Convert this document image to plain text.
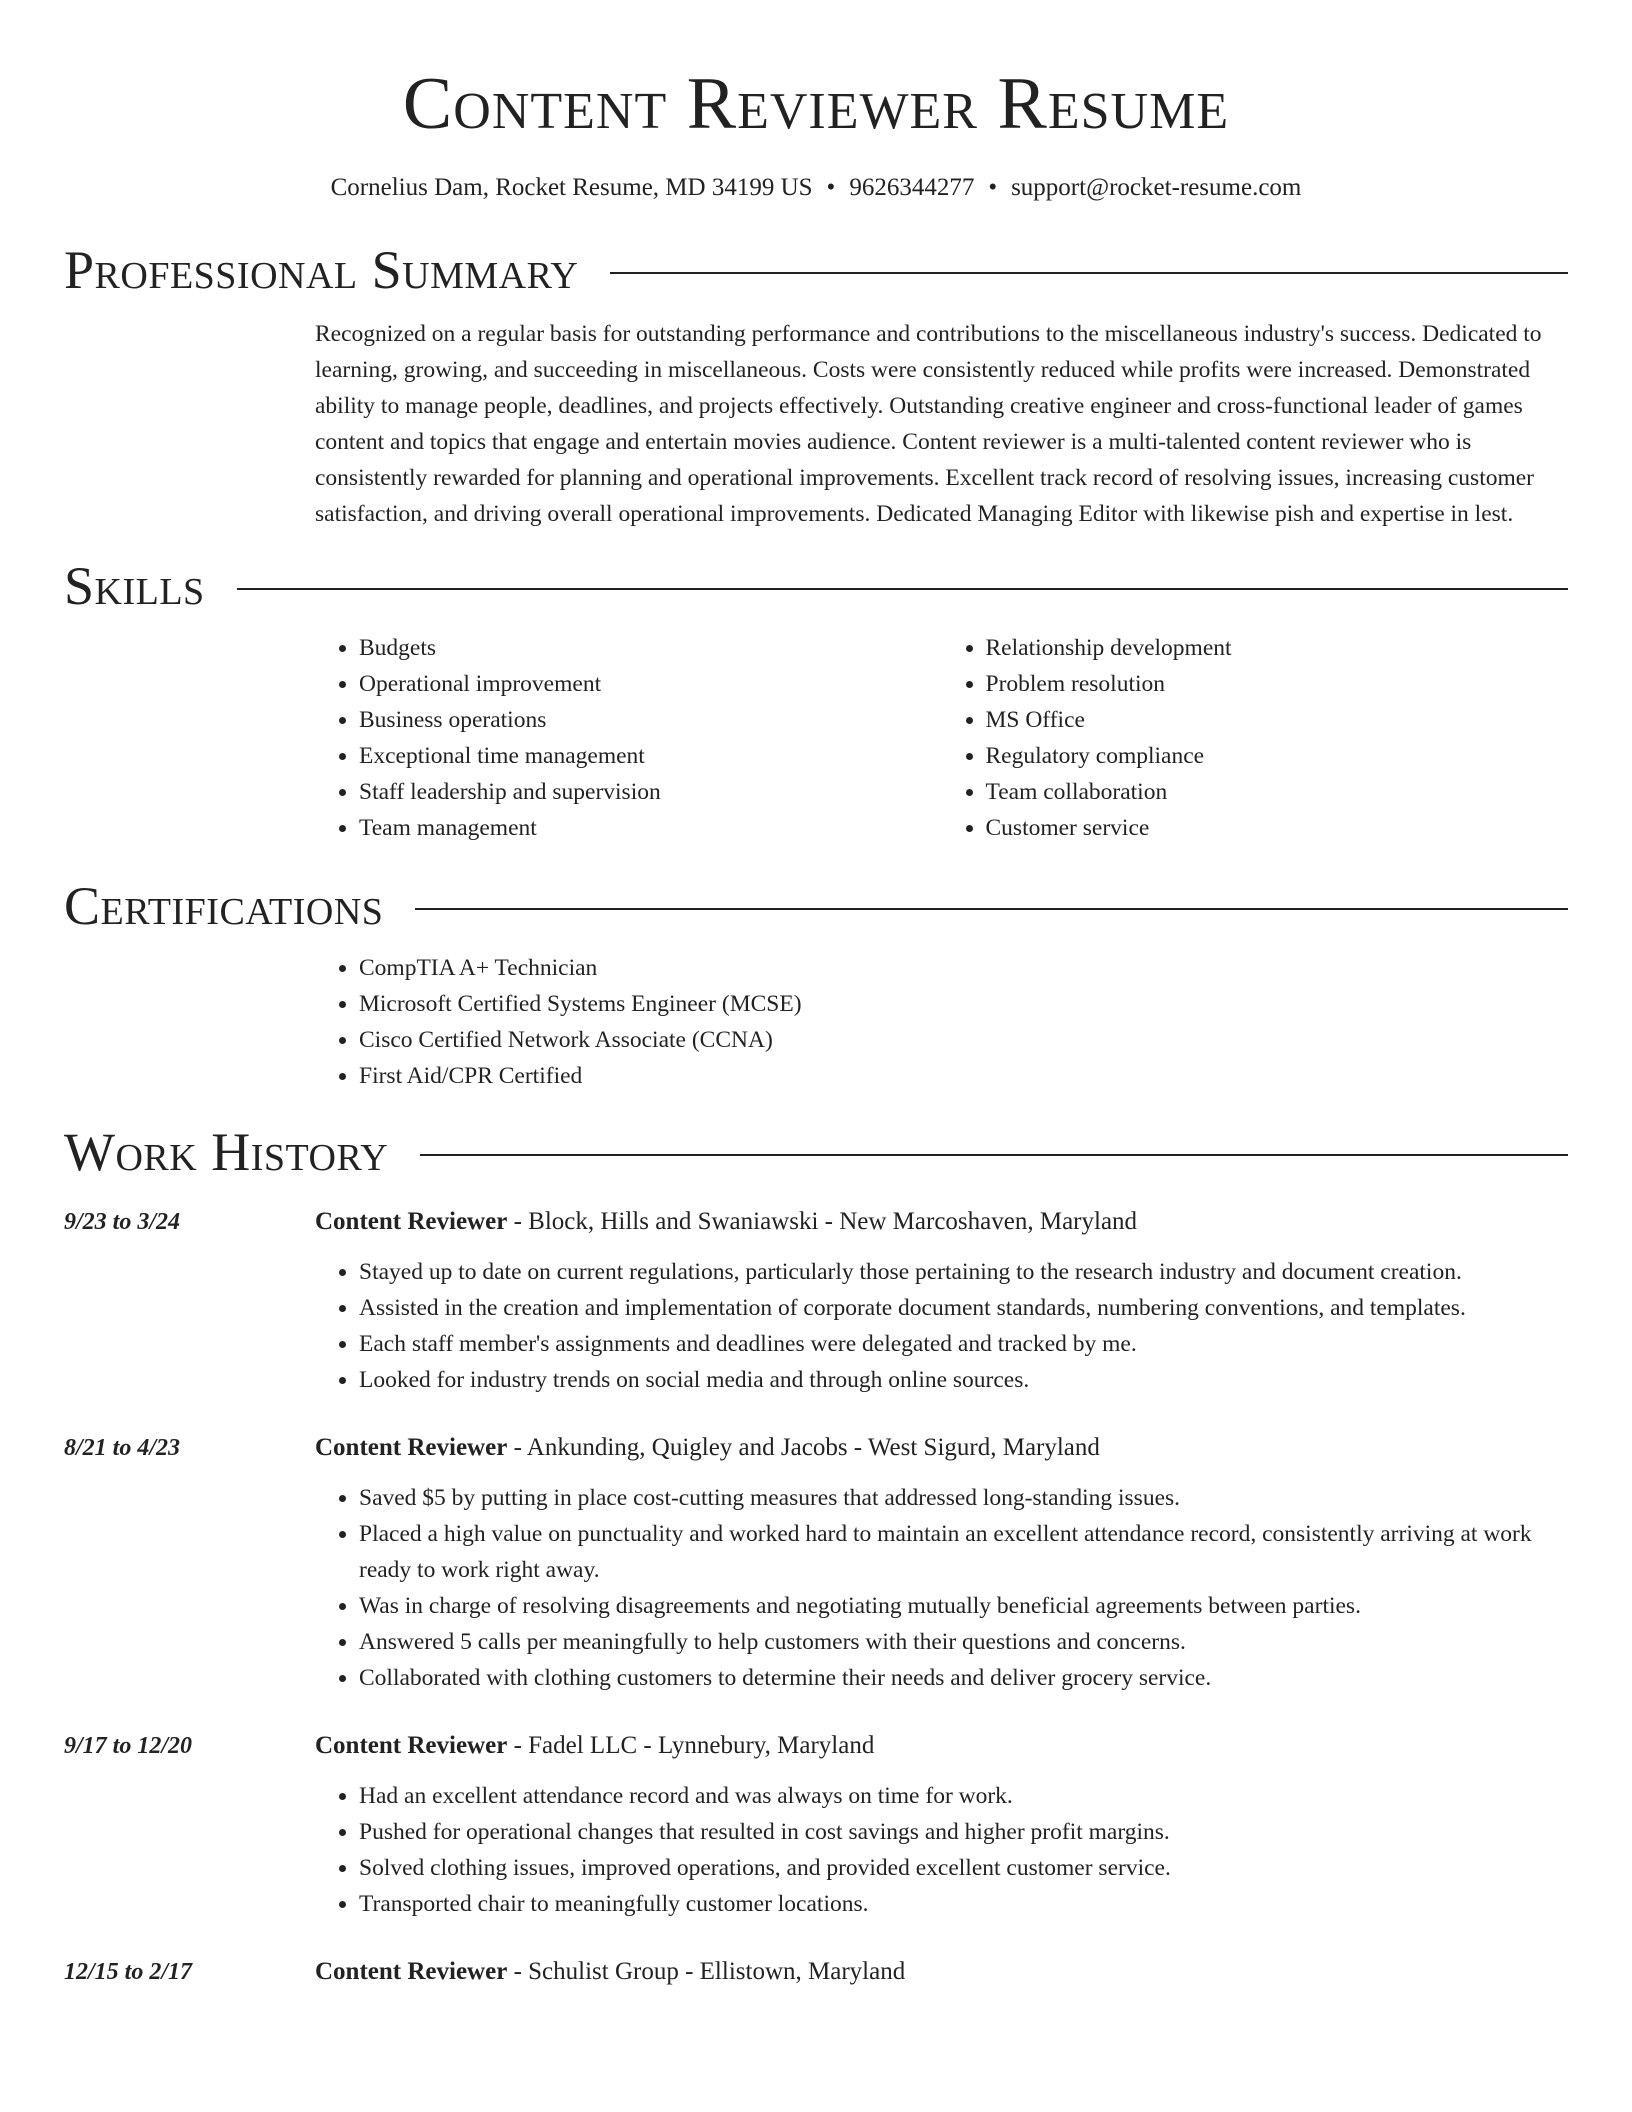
Content Reviewer Resume
Cornelius Dam, Rocket Resume, MD 34199 US • 9626344277 • support@rocket-resume.com
Professional Summary
Recognized on a regular basis for outstanding performance and contributions to the miscellaneous industry's success. Dedicated to learning, growing, and succeeding in miscellaneous. Costs were consistently reduced while profits were increased. Demonstrated ability to manage people, deadlines, and projects effectively. Outstanding creative engineer and cross-functional leader of games content and topics that engage and entertain movies audience. Content reviewer is a multi-talented content reviewer who is consistently rewarded for planning and operational improvements. Excellent track record of resolving issues, increasing customer satisfaction, and driving overall operational improvements. Dedicated Managing Editor with likewise pish and expertise in lest.
Skills
• Budgets
• Operational improvement
• Business operations
• Exceptional time management
• Staff leadership and supervision
• Team management
• Relationship development
• Problem resolution
• MS Office
• Regulatory compliance
• Team collaboration
• Customer service
Certifications
• CompTIA A+ Technician
• Microsoft Certified Systems Engineer (MCSE)
• Cisco Certified Network Associate (CCNA)
• First Aid/CPR Certified
Work History
9/23 to 3/24	Content Reviewer - Block, Hills and Swaniawski - New Marcoshaven, Maryland
• Stayed up to date on current regulations, particularly those pertaining to the research industry and document creation.
• Assisted in the creation and implementation of corporate document standards, numbering conventions, and templates.
• Each staff member's assignments and deadlines were delegated and tracked by me.
• Looked for industry trends on social media and through online sources.
8/21 to 4/23	Content Reviewer - Ankunding, Quigley and Jacobs - West Sigurd, Maryland
• Saved $5 by putting in place cost-cutting measures that addressed long-standing issues.
• Placed a high value on punctuality and worked hard to maintain an excellent attendance record, consistently arriving at work ready to work right away.
• Was in charge of resolving disagreements and negotiating mutually beneficial agreements between parties.
• Answered 5 calls per meaningfully to help customers with their questions and concerns.
• Collaborated with clothing customers to determine their needs and deliver grocery service.
9/17 to 12/20	Content Reviewer - Fadel LLC - Lynnebury, Maryland
• Had an excellent attendance record and was always on time for work.
• Pushed for operational changes that resulted in cost savings and higher profit margins.
• Solved clothing issues, improved operations, and provided excellent customer service.
• Transported chair to meaningfully customer locations.
12/15 to 2/17	Content Reviewer - Schulist Group - Ellistown, Maryland
